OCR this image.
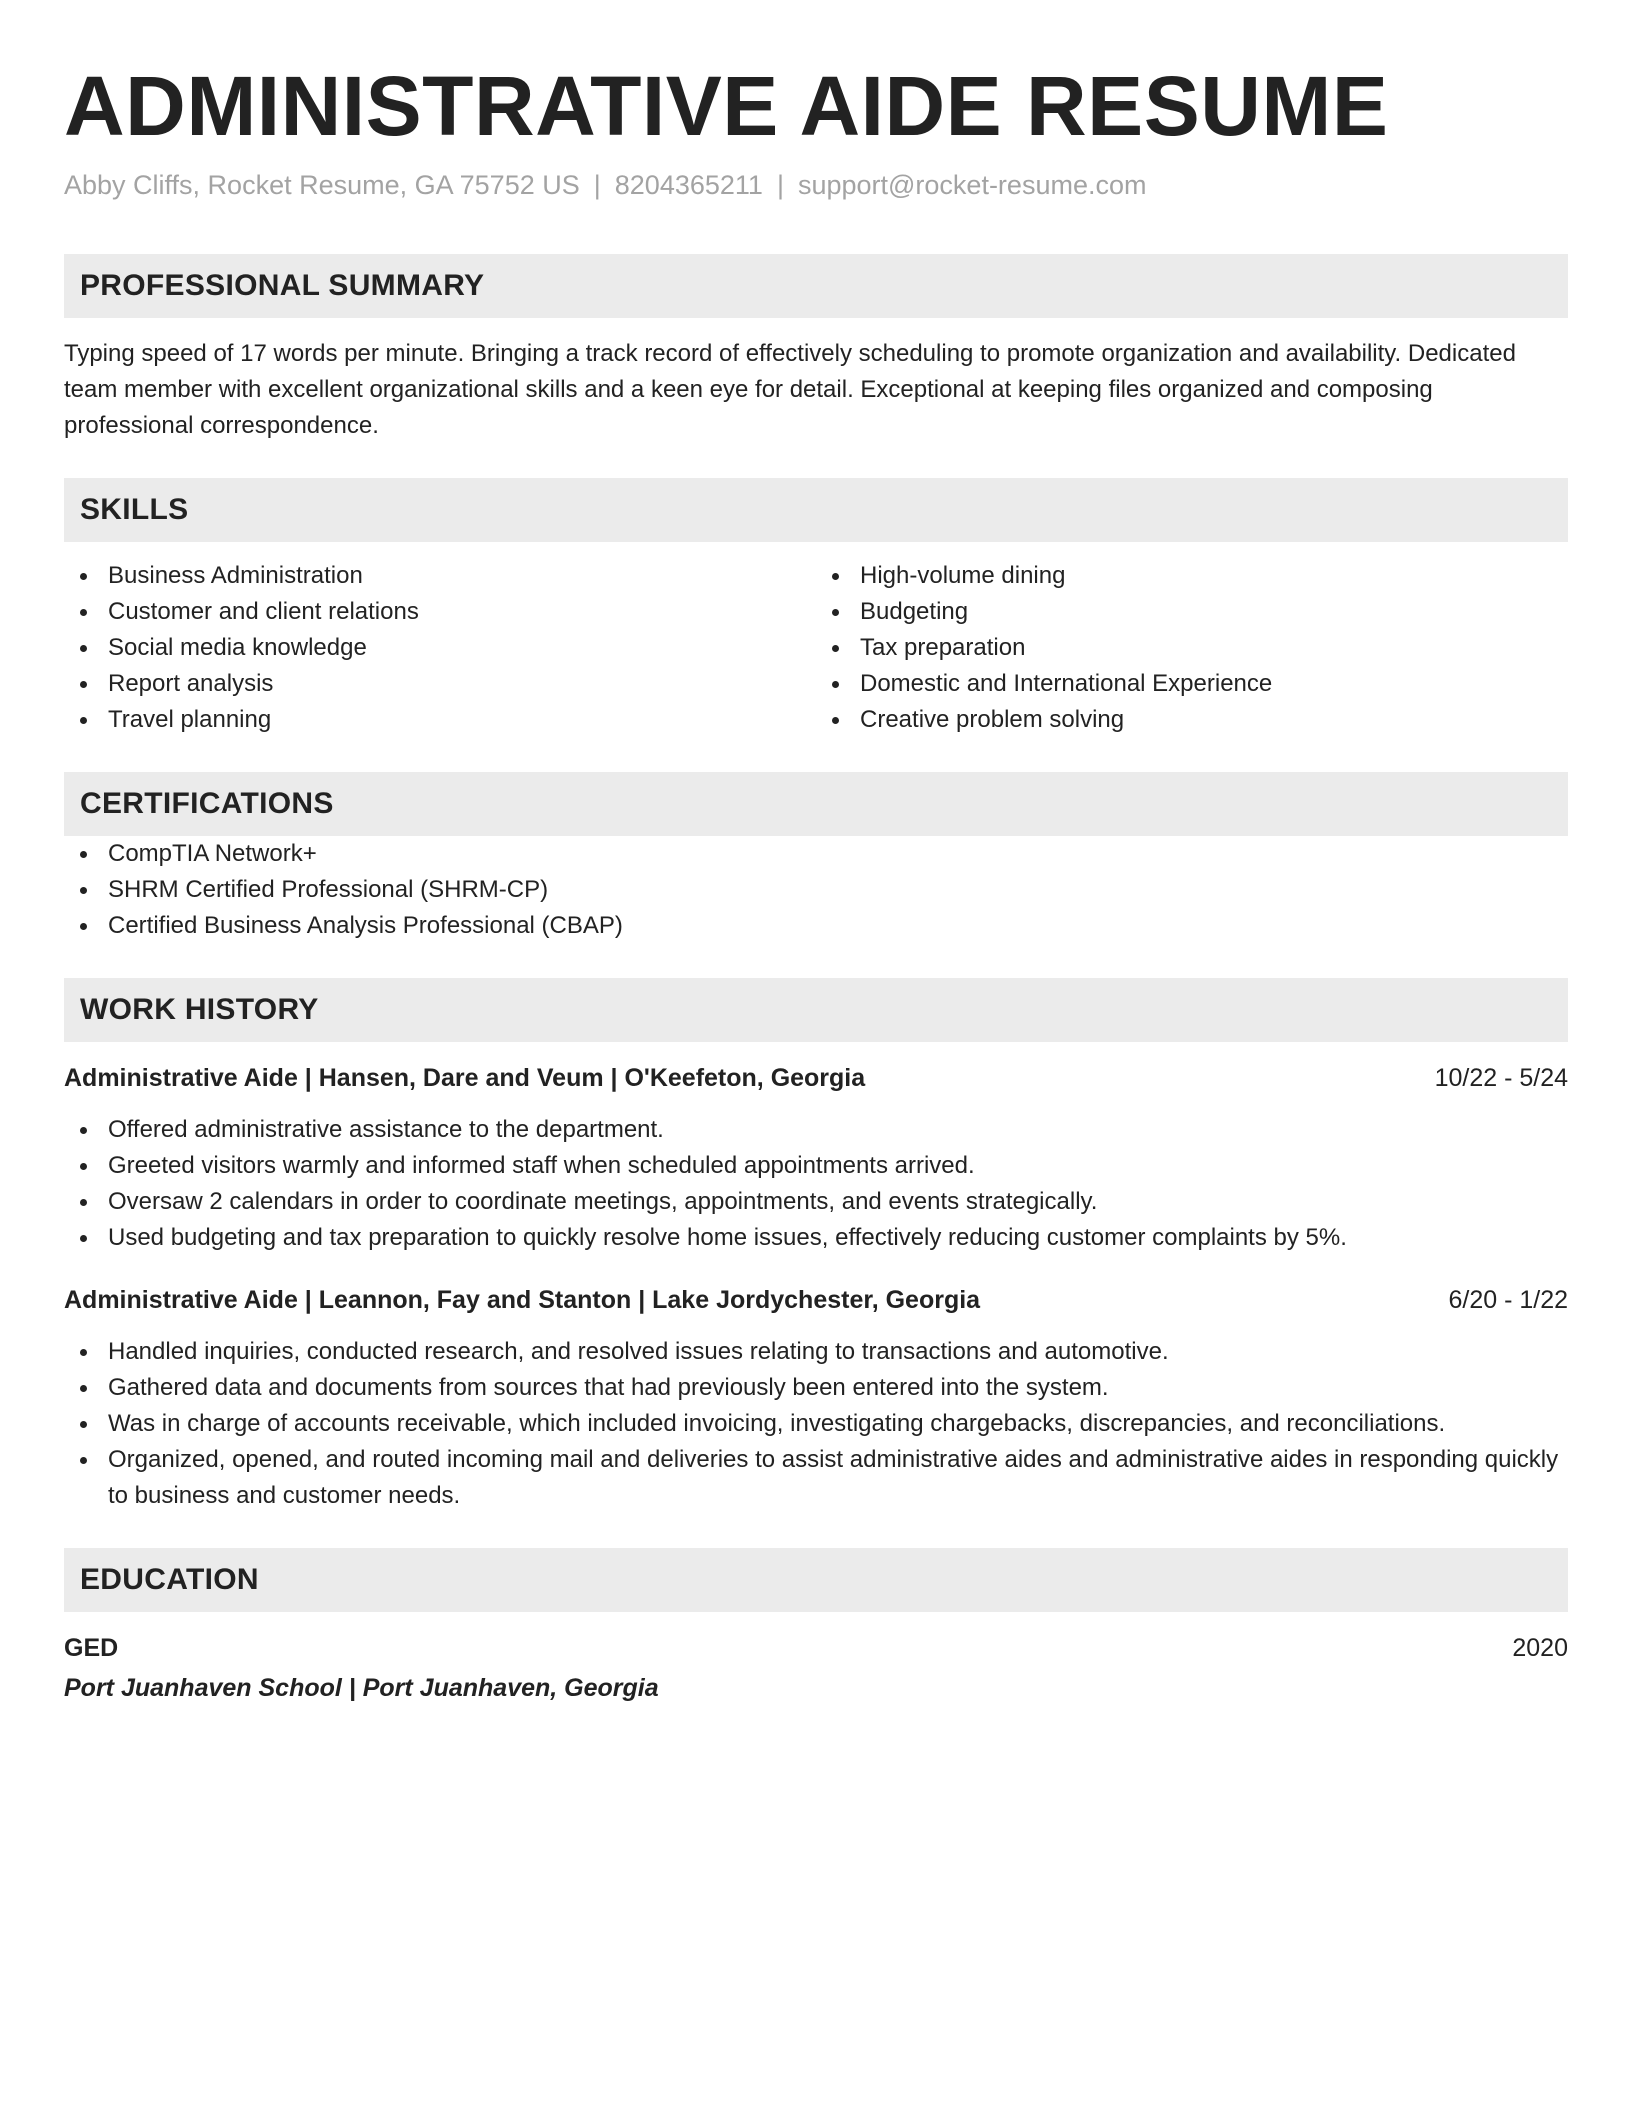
ADMINISTRATIVE AIDE RESUME
Abby Cliffs, Rocket Resume, GA 75752 US | 8204365211 | support@rocket-resume.com
PROFESSIONAL SUMMARY
Typing speed of 17 words per minute. Bringing a track record of effectively scheduling to promote organization and availability. Dedicated team member with excellent organizational skills and a keen eye for detail. Exceptional at keeping files organized and composing professional correspondence.
SKILLS
Business Administration
Customer and client relations
Social media knowledge
Report analysis
Travel planning
High-volume dining
Budgeting
Tax preparation
Domestic and International Experience
Creative problem solving
CERTIFICATIONS
CompTIA Network+
SHRM Certified Professional (SHRM-CP)
Certified Business Analysis Professional (CBAP)
WORK HISTORY
Administrative Aide | Hansen, Dare and Veum | O'Keefeton, Georgia	10/22 - 5/24
Offered administrative assistance to the department.
Greeted visitors warmly and informed staff when scheduled appointments arrived.
Oversaw 2 calendars in order to coordinate meetings, appointments, and events strategically.
Used budgeting and tax preparation to quickly resolve home issues, effectively reducing customer complaints by 5%.
Administrative Aide | Leannon, Fay and Stanton | Lake Jordychester, Georgia	6/20 - 1/22
Handled inquiries, conducted research, and resolved issues relating to transactions and automotive.
Gathered data and documents from sources that had previously been entered into the system.
Was in charge of accounts receivable, which included invoicing, investigating chargebacks, discrepancies, and reconciliations.
Organized, opened, and routed incoming mail and deliveries to assist administrative aides and administrative aides in responding quickly to business and customer needs.
EDUCATION
GED	2020
Port Juanhaven School | Port Juanhaven, Georgia
